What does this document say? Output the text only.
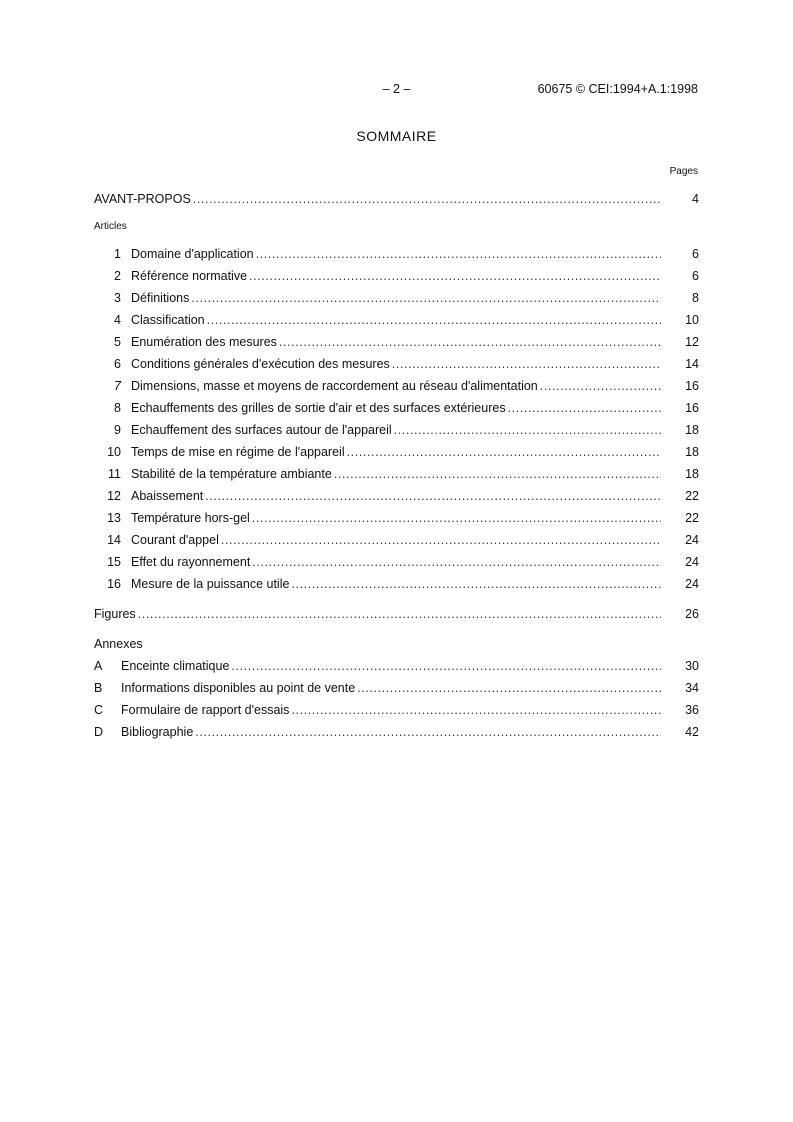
– 2 –	60675 © CEI:1994+A.1:1998
SOMMAIRE
Pages
AVANT-PROPOS .....	4
Articles
1 Domaine d'application .....	6
2 Référence normative .....	6
3 Définitions .....	8
4 Classification .....	10
5 Enumération des mesures .....	12
6 Conditions générales d'exécution des mesures .....	14
7 Dimensions, masse et moyens de raccordement au réseau d'alimentation .....	16
8 Echauffements des grilles de sortie d'air et des surfaces extérieures .....	16
9 Echauffement des surfaces autour de l'appareil .....	18
10 Temps de mise en régime de l'appareil .....	18
11 Stabilité de la température ambiante .....	18
12 Abaissement .....	22
13 Température hors-gel .....	22
14 Courant d'appel .....	24
15 Effet du rayonnement .....	24
16 Mesure de la puissance utile .....	24
Figures .....	26
Annexes
A	Enceinte climatique .....	30
B	Informations disponibles au point de vente .....	34
C	Formulaire de rapport d'essais .....	36
D	Bibliographie .....	42
